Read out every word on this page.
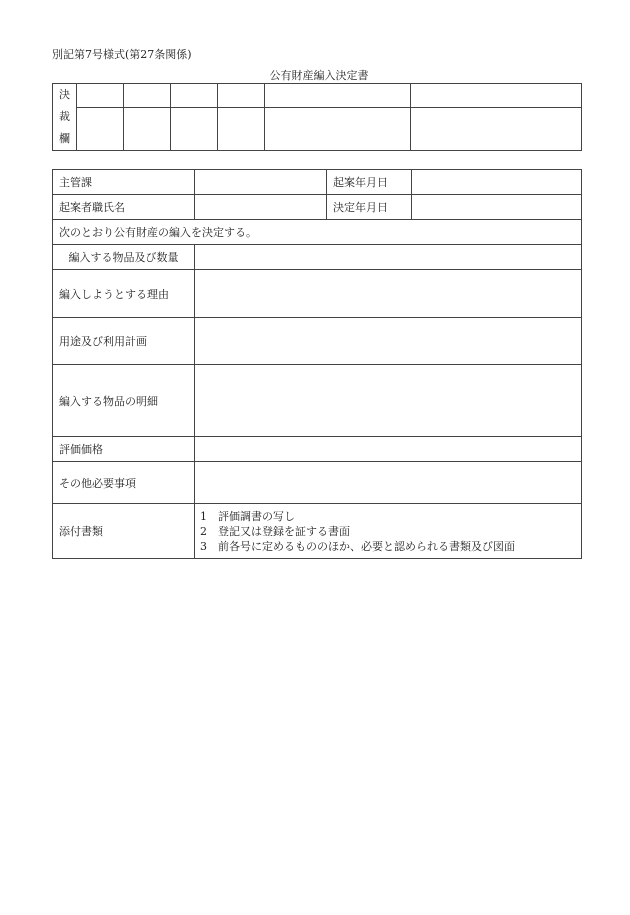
別記第7号様式(第27条関係)
公有財産編入決定書
決
裁
欄						

主管課		起案年月日	
起案者職氏名		決定年月日	
次のとおり公有財産の編入を決定する。			
編入する物品及び数量			
編入しようとする理由			
用途及び利用計画			
編入する物品の明細			
評価価格			
その他必要事項			
添付書類	1 評価調書の写し
2 登記又は登録を証する書面
3 前各号に定めるもののほか、必要と認められる書類及び図面		
